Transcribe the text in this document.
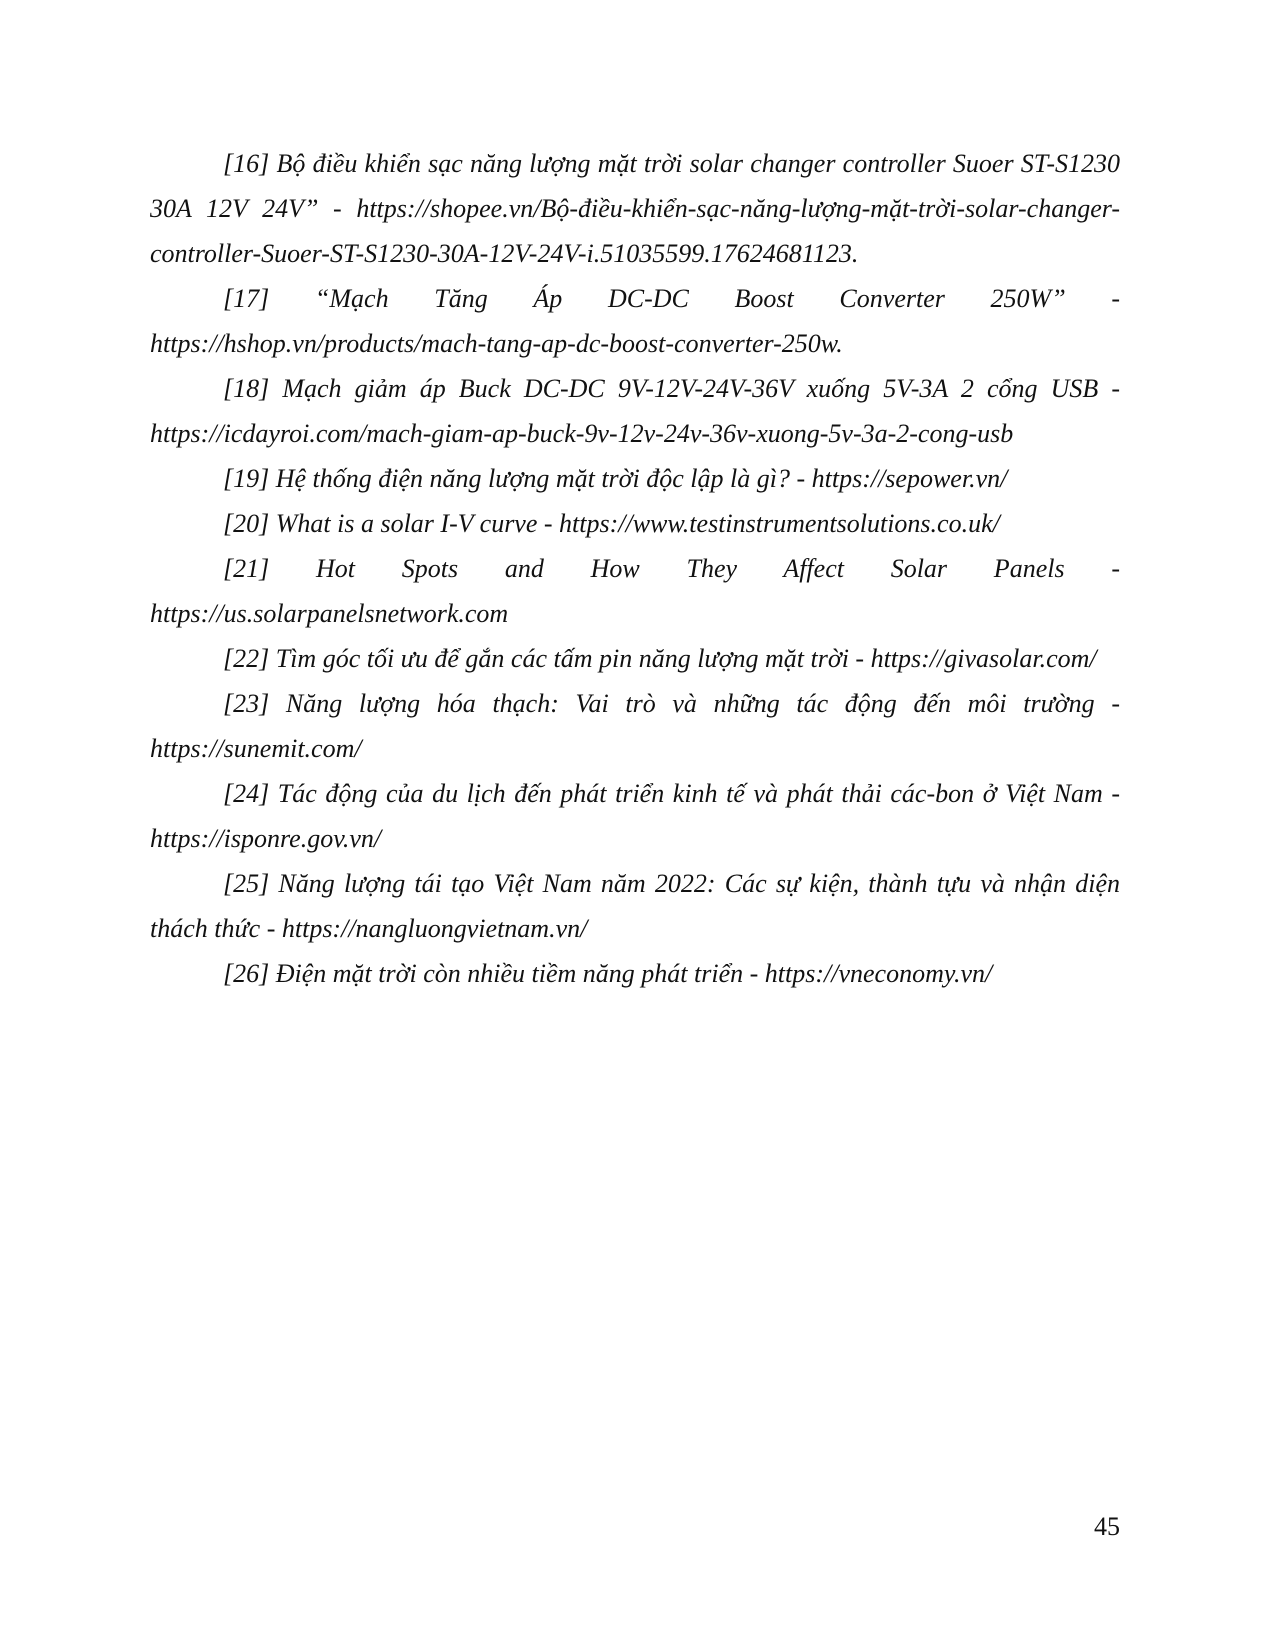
[16] Bộ điều khiển sạc năng lượng mặt trời solar changer controller Suoer ST-S1230 30A 12V 24V” - https://shopee.vn/Bộ-điều-khiển-sạc-năng-lượng-mặt-trời-solar-changer-controller-Suoer-ST-S1230-30A-12V-24V-i.51035599.17624681123.

[17] “Mạch Tăng Áp DC-DC Boost Converter 250W” - https://hshop.vn/products/mach-tang-ap-dc-boost-converter-250w.

[18] Mạch giảm áp Buck DC-DC 9V-12V-24V-36V xuống 5V-3A 2 cổng USB - https://icdayroi.com/mach-giam-ap-buck-9v-12v-24v-36v-xuong-5v-3a-2-cong-usb

[19] Hệ thống điện năng lượng mặt trời độc lập là gì? - https://sepower.vn/

[20] What is a solar I-V curve - https://www.testinstrumentsolutions.co.uk/

[21] Hot Spots and How They Affect Solar Panels - https://us.solarpanelsnetwork.com

[22] Tìm góc tối ưu để gắn các tấm pin năng lượng mặt trời - https://givasolar.com/

[23] Năng lượng hóa thạch: Vai trò và những tác động đến môi trường - https://sunemit.com/

[24] Tác động của du lịch đến phát triển kinh tế và phát thải các-bon ở Việt Nam - https://isponre.gov.vn/

[25] Năng lượng tái tạo Việt Nam năm 2022: Các sự kiện, thành tựu và nhận diện thách thức - https://nangluongvietnam.vn/

[26] Điện mặt trời còn nhiều tiềm năng phát triển - https://vneconomy.vn/

45
